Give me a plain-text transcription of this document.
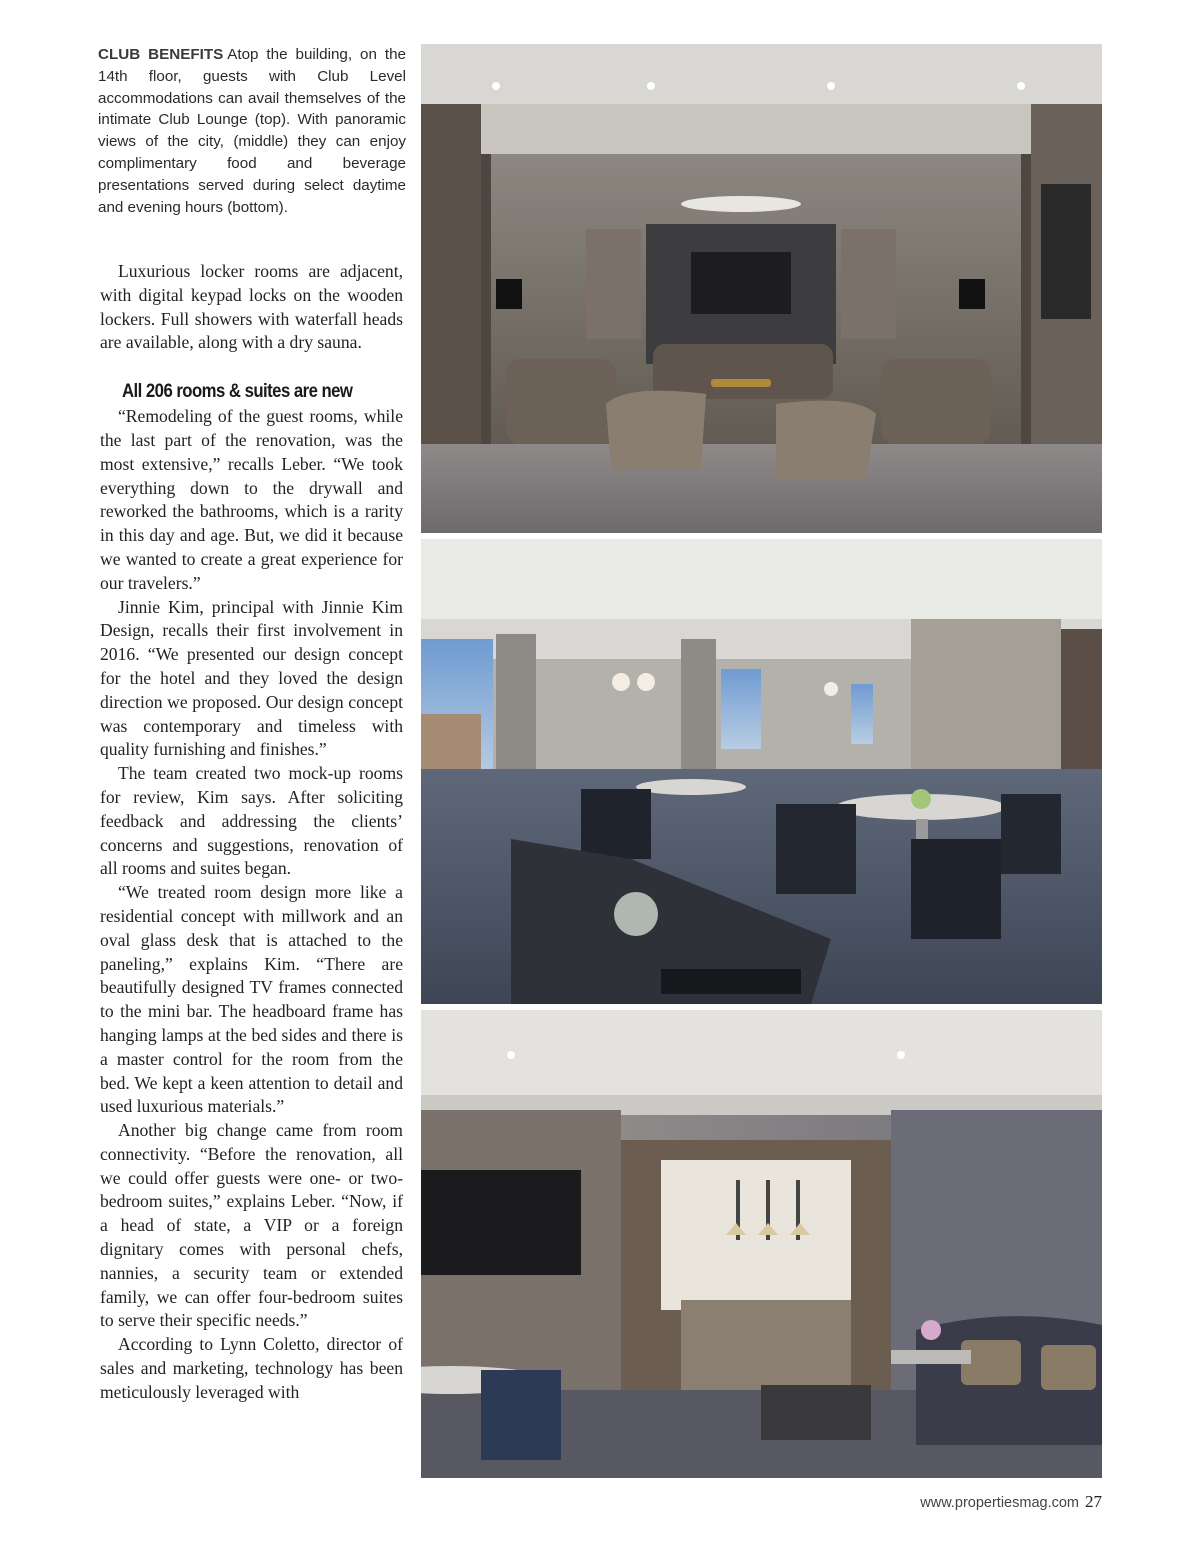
CLUB BENEFITS Atop the building, on the 14th floor, guests with Club Level accommodations can avail themselves of the intimate Club Lounge (top). With panoramic views of the city, (middle) they can enjoy complimentary food and beverage presentations served during select daytime and evening hours (bottom).

Luxurious locker rooms are adjacent, with digital keypad locks on the wooden lockers. Full showers with waterfall heads are available, along with a dry sauna.

All 206 rooms & suites are new

“Remodeling of the guest rooms, while the last part of the renovation, was the most extensive,” recalls Leber. “We took everything down to the drywall and reworked the bathrooms, which is a rarity in this day and age. But, we did it because we wanted to create a great experience for our travelers.”

Jinnie Kim, principal with Jinnie Kim Design, recalls their first involvement in 2016. “We presented our design concept for the hotel and they loved the design direction we proposed. Our design concept was contemporary and timeless with quality furnishing and finishes.”

The team created two mock-up rooms for review, Kim says. After soliciting feedback and addressing the clients’ concerns and suggestions, renovation of all rooms and suites began.

“We treated room design more like a residential concept with millwork and an oval glass desk that is attached to the paneling,” explains Kim. “There are beautifully designed TV frames connected to the mini bar. The headboard frame has hanging lamps at the bed sides and there is a master control for the room from the bed. We kept a keen attention to detail and used luxurious materials.”

Another big change came from room connectivity. “Before the renovation, all we could offer guests were one- or two-bedroom suites,” explains Leber. “Now, if a head of state, a VIP or a foreign dignitary comes with personal chefs, nannies, a security team or extended family, we can offer four-bedroom suites to serve their specific needs.”

According to Lynn Coletto, director of sales and marketing, technology has been meticulously leveraged with

www.propertiesmag.com 27
